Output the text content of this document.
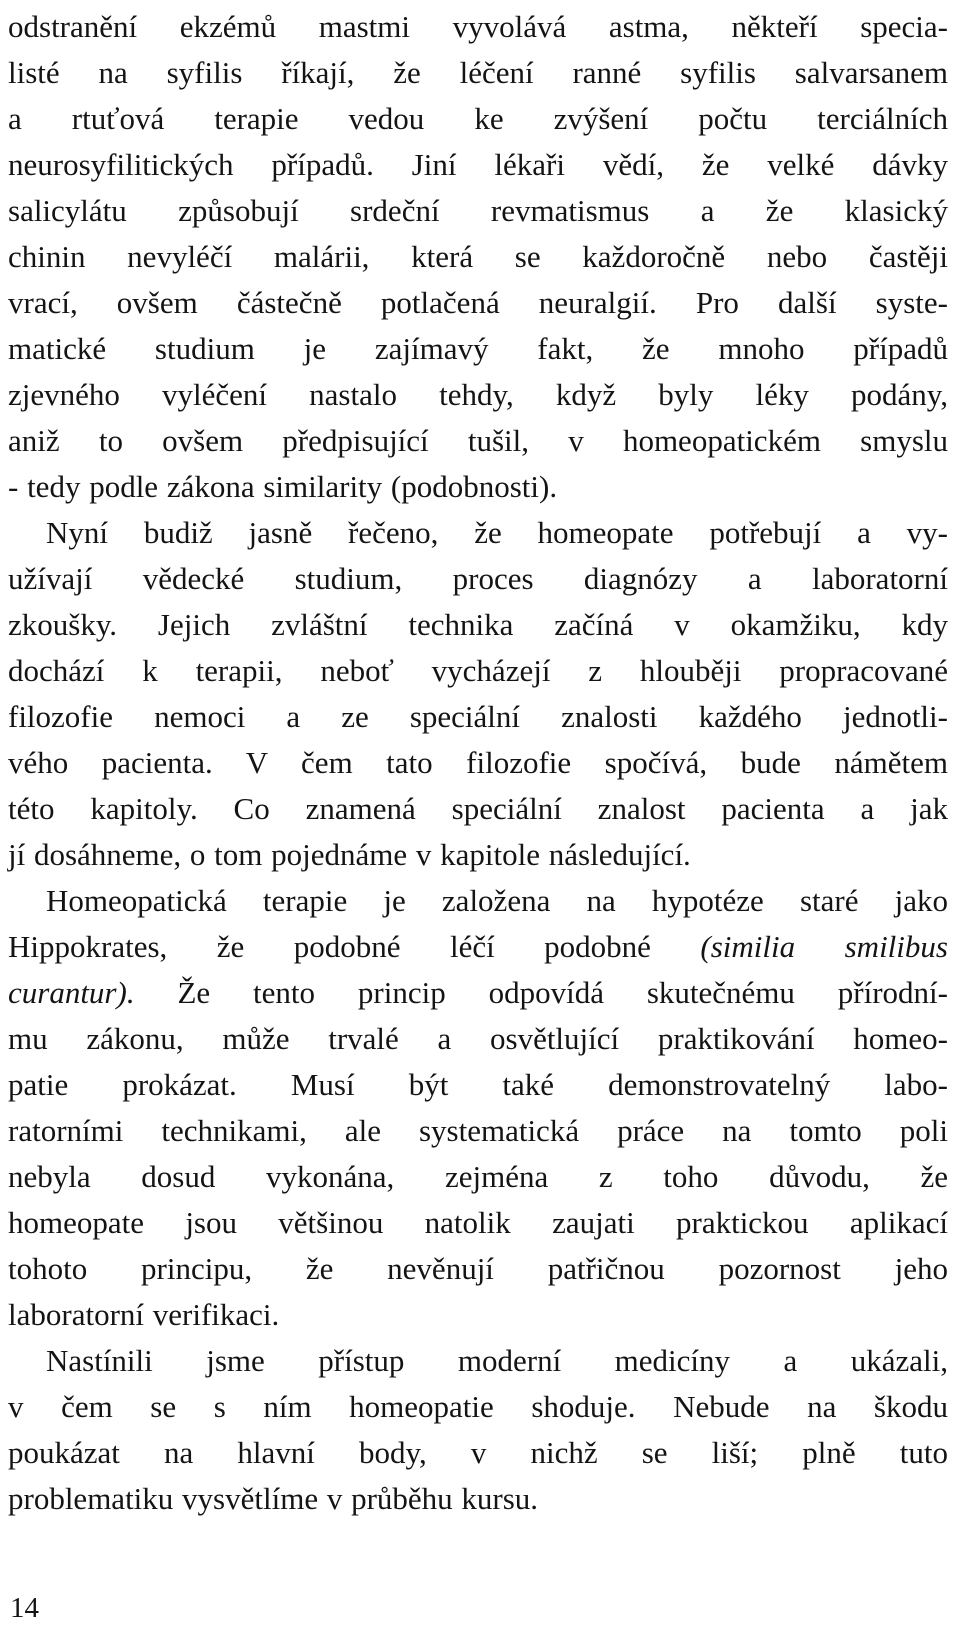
odstranění ekzémů mastmi vyvolává astma, někteří specia-
listé na syfilis říkají, že léčení ranné syfilis salvarsanem
a rtuťová terapie vedou ke zvýšení počtu terciálních
neurosyfilitických případů. Jiní lékaři vědí, že velké dávky
salicylátu způsobují srdeční revmatismus a že klasický
chinin nevyléčí malárii, která se každoročně nebo častěji
vrací, ovšem částečně potlačená neuralgií. Pro další syste-
matické studium je zajímavý fakt, že mnoho případů
zjevného vyléčení nastalo tehdy, když byly léky podány,
aniž to ovšem předpisující tušil, v homeopatickém smyslu
- tedy podle zákona similarity (podobnosti).
Nyní budiž jasně řečeno, že homeopate potřebují a vy-
užívají vědecké studium, proces diagnózy a laboratorní
zkoušky. Jejich zvláštní technika začíná v okamžiku, kdy
dochází k terapii, neboť vycházejí z hlouběji propracované
filozofie nemoci a ze speciální znalosti každého jednotli-
vého pacienta. V čem tato filozofie spočívá, bude námětem
této kapitoly. Co znamená speciální znalost pacienta a jak
jí dosáhneme, o tom pojednáme v kapitole následující.
Homeopatická terapie je založena na hypotéze staré jako
Hippokrates, že podobné léčí podobné (similia smilibus
curantur). Že tento princip odpovídá skutečnému přírodní-
mu zákonu, může trvalé a osvětlující praktikování homeo-
patie prokázat. Musí být také demonstrovatelný labo-
ratorními technikami, ale systematická práce na tomto poli
nebyla dosud vykonána, zejména z toho důvodu, že
homeopate jsou většinou natolik zaujati praktickou aplikací
tohoto principu, že nevěnují patřičnou pozornost jeho
laboratorní verifikaci.
Nastínili jsme přístup moderní medicíny a ukázali,
v čem se s ním homeopatie shoduje. Nebude na škodu
poukázat na hlavní body, v nichž se liší; plně tuto
problematiku vysvětlíme v průběhu kursu.
14
